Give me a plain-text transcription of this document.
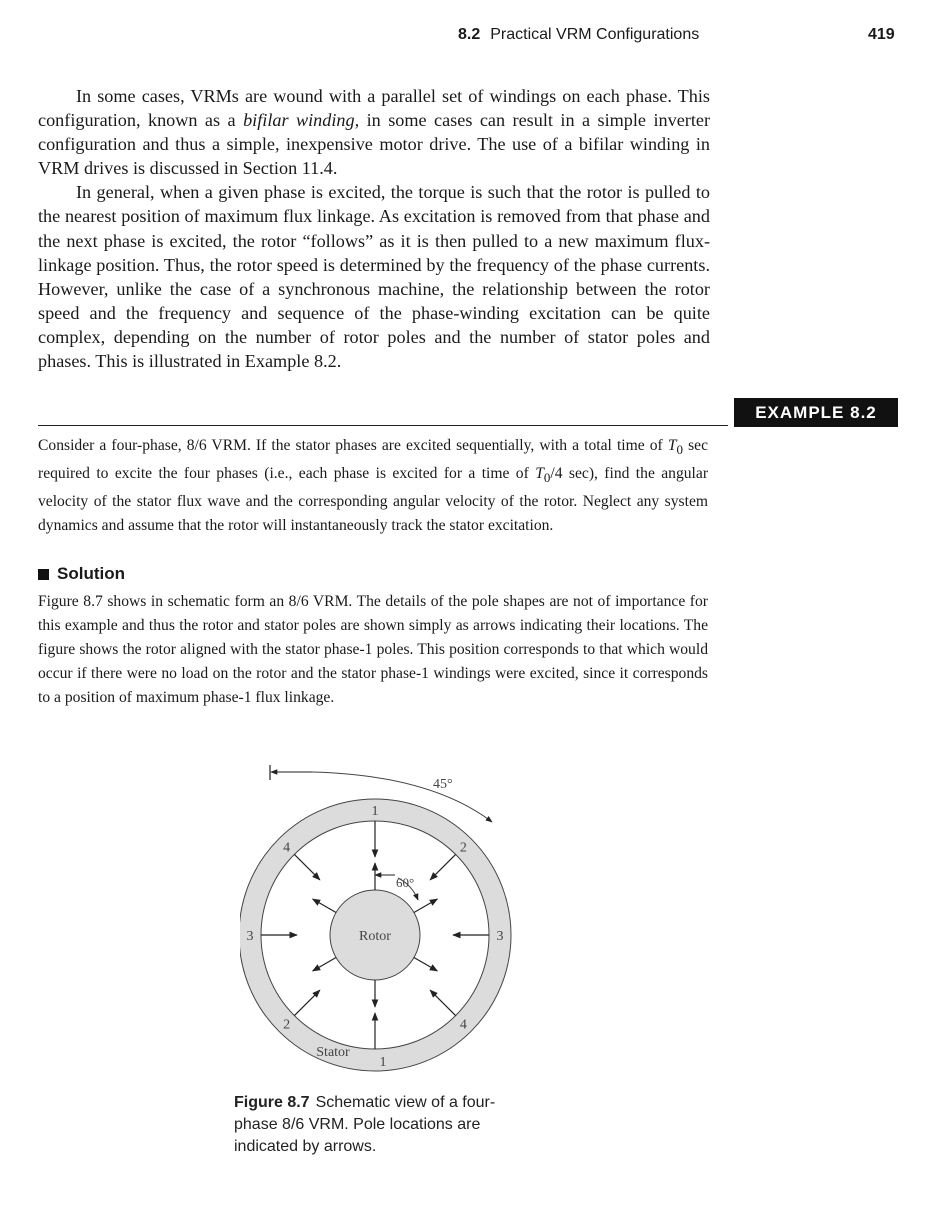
8.2 Practical VRM Configurations	419

In some cases, VRMs are wound with a parallel set of windings on each phase. This configuration, known as a bifilar winding, in some cases can result in a simple inverter configuration and thus a simple, inexpensive motor drive. The use of a bifilar winding in VRM drives is discussed in Section 11.4.

In general, when a given phase is excited, the torque is such that the rotor is pulled to the nearest position of maximum flux linkage. As excitation is removed from that phase and the next phase is excited, the rotor “follows” as it is then pulled to a new maximum flux-linkage position. Thus, the rotor speed is determined by the frequency of the phase currents. However, unlike the case of a synchronous machine, the relationship between the rotor speed and the frequency and sequence of the phase-winding excitation can be quite complex, depending on the number of rotor poles and the number of stator poles and phases. This is illustrated in Example 8.2.

EXAMPLE 8.2

Consider a four-phase, 8/6 VRM. If the stator phases are excited sequentially, with a total time of $T_0$ sec required to excite the four phases (i.e., each phase is excited for a time of $T_0/4$ sec), find the angular velocity of the stator flux wave and the corresponding angular velocity of the rotor. Neglect any system dynamics and assume that the rotor will instantaneously track the stator excitation.

Solution

Figure 8.7 shows in schematic form an 8/6 VRM. The details of the pole shapes are not of importance for this example and thus the rotor and stator poles are shown simply as arrows indicating their locations. The figure shows the rotor aligned with the stator phase-1 poles. This position corresponds to that which would occur if there were no load on the rotor and the stator phase-1 windings were excited, since it corresponds to a position of maximum phase-1 flux linkage.

1
2
3
4
2
3
4
1
45°
60°
Rotor
Stator
Figure 8.7 Schematic view of a four-phase 8/6 VRM. Pole locations are indicated by arrows.
